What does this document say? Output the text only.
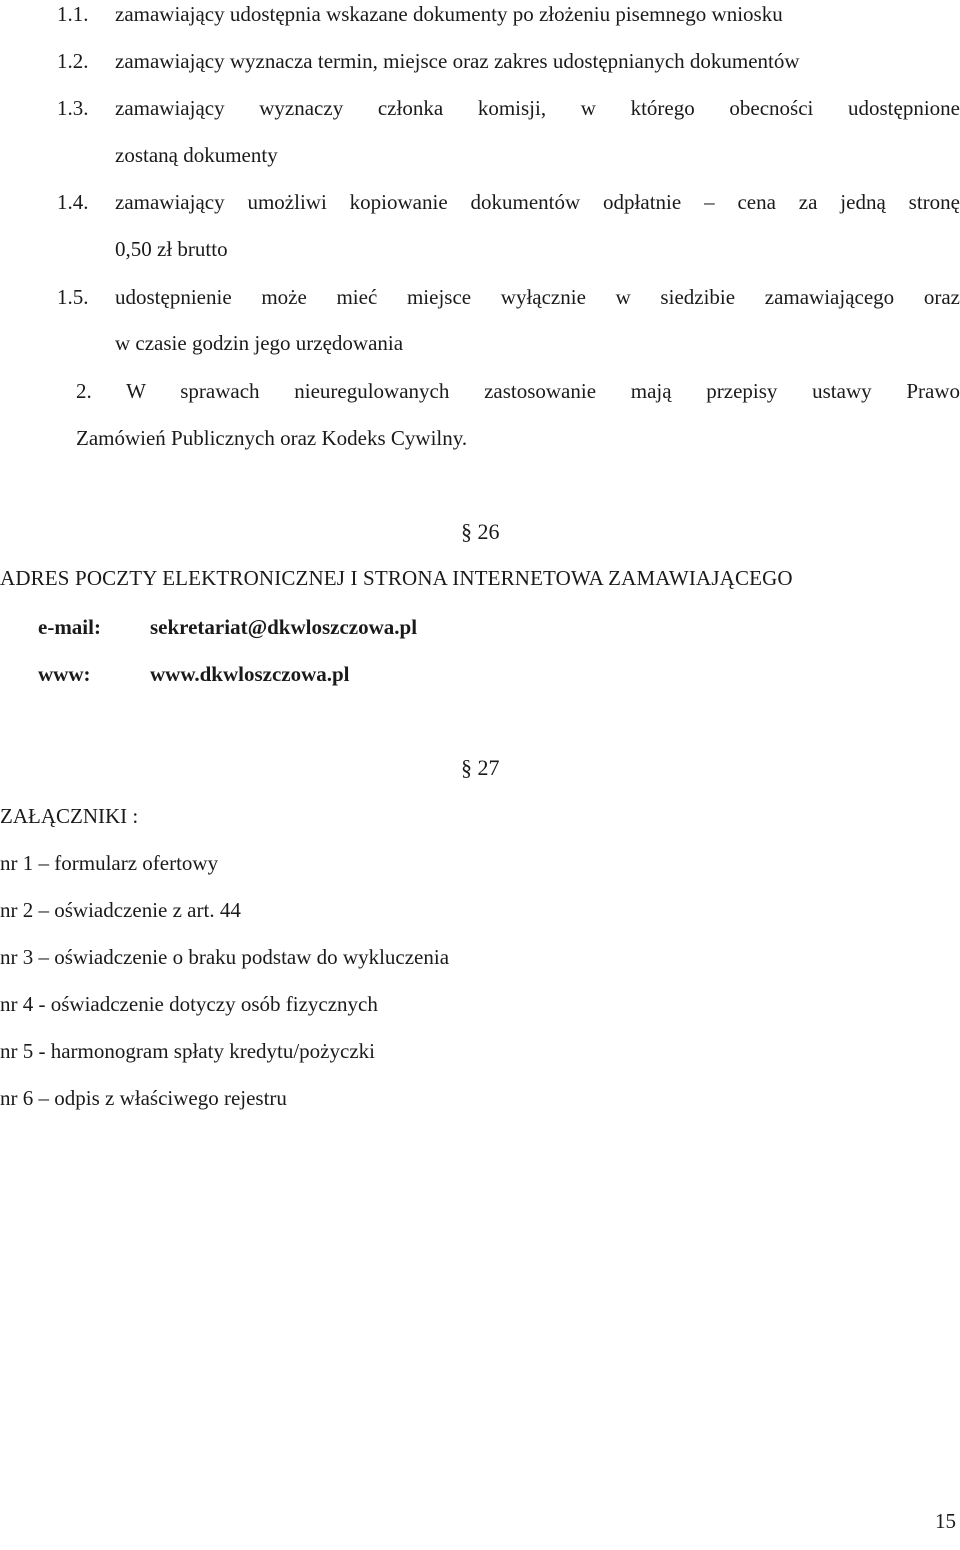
1.1. zamawiający udostępnia wskazane dokumenty po złożeniu pisemnego wniosku
1.2. zamawiający wyznacza termin, miejsce oraz zakres udostępnianych dokumentów
1.3. zamawiający wyznaczy członka komisji, w którego obecności udostępnione
zostaną dokumenty
1.4. zamawiający umożliwi kopiowanie dokumentów odpłatnie – cena za jedną stronę
0,50 zł brutto
1.5. udostępnienie może mieć miejsce wyłącznie w siedzibie zamawiającego oraz
w czasie godzin jego urzędowania
2. W sprawach nieuregulowanych zastosowanie mają przepisy ustawy Prawo
Zamówień Publicznych oraz Kodeks Cywilny.
§ 26
ADRES POCZTY ELEKTRONICZNEJ I STRONA INTERNETOWA ZAMAWIAJĄCEGO
e-mail: sekretariat@dkwloszczowa.pl
www:	www.dkwloszczowa.pl
§ 27
ZAŁĄCZNIKI :
nr 1 – formularz ofertowy
nr 2 – oświadczenie z art. 44
nr 3 – oświadczenie o braku podstaw do wykluczenia
nr 4 - oświadczenie dotyczy osób fizycznych
nr 5 - harmonogram spłaty kredytu/pożyczki
nr 6 – odpis z właściwego rejestru
15
